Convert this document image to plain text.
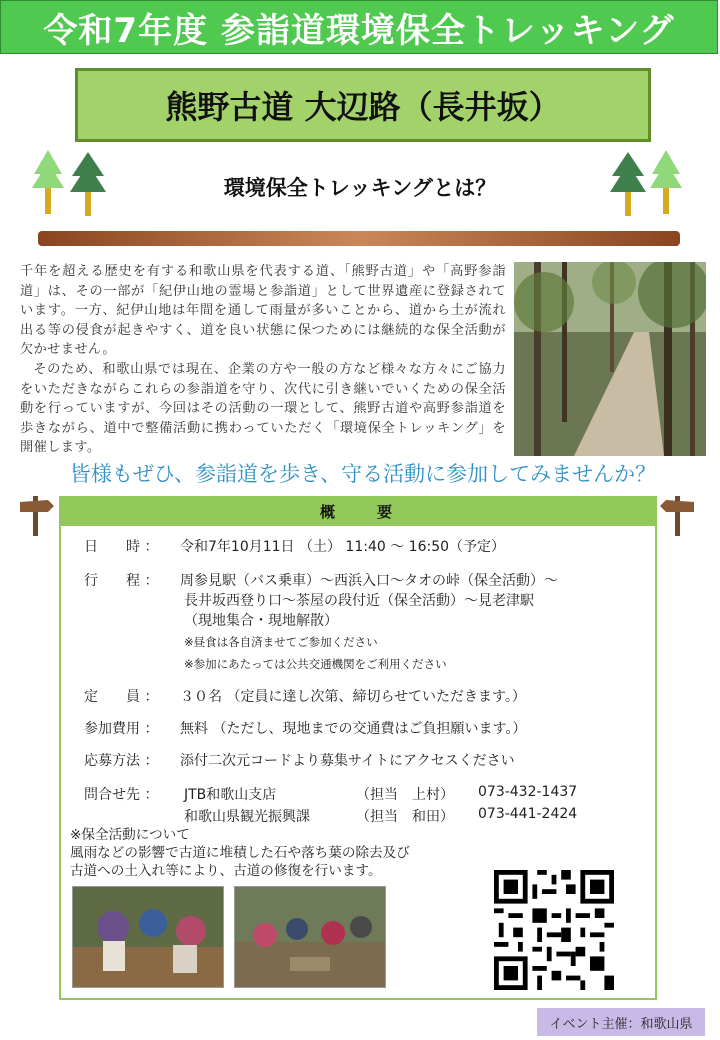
令和7年度 参詣道環境保全トレッキング
熊野古道 大辺路（長井坂）
環境保全トレッキングとは？

千年を超える歴史を有する和歌山県を代表する道、「熊野古道」や「高野参詣道」は、その一部が「紀伊山地の霊場と参詣道」として世界遺産に登録されています。一方、紀伊山地は年間を通して雨量が多いことから、道から土が流れ出る等の侵食が起きやすく、道を良い状態に保つためには継続的な保全活動が欠かせません。

そのため、和歌山県では現在、企業の方や一般の方など様々な方々にご協力をいただきながらこれらの参詣道を守り、次代に引き継いでいくための保全活動を行っていますが、今回はその活動の一環として、熊野古道や高野参詣道を歩きながら、道中で整備活動に携わっていただく「環境保全トレッキング」を開催します。

皆様もぜひ、参詣道を歩き、守る活動に参加してみませんか？
概　　要
日　　時 ： 令和7年10月11日 （土） 11:40 ～ 16:50（予定）
行　　程 ： 周参見駅（バス乗車）～西浜入口～タオの峠（保全活動）～
長井坂西登り口～茶屋の段付近（保全活動）～見老津駅
（現地集合・現地解散）
※昼食は各自済ませてご参加ください
※参加にあたっては公共交通機関をご利用ください
定　　員 ： ３０名 （定員に達し次第、締切らせていただきます。）
参加費用 ： 無料 （ただし、現地までの交通費はご負担願います。）
応募方法 ： 添付二次元コードより募集サイトにアクセスください
問合せ先 ：	JTB和歌山支店	（担当　上村） 073-432-1437
和歌山県観光振興課	（担当　和田） 073-441-2424
※保全活動について
風雨などの影響で古道に堆積した石や落ち葉の除去及び
古道への土入れ等により、古道の修復を行います。
イベント主催：和歌山県
